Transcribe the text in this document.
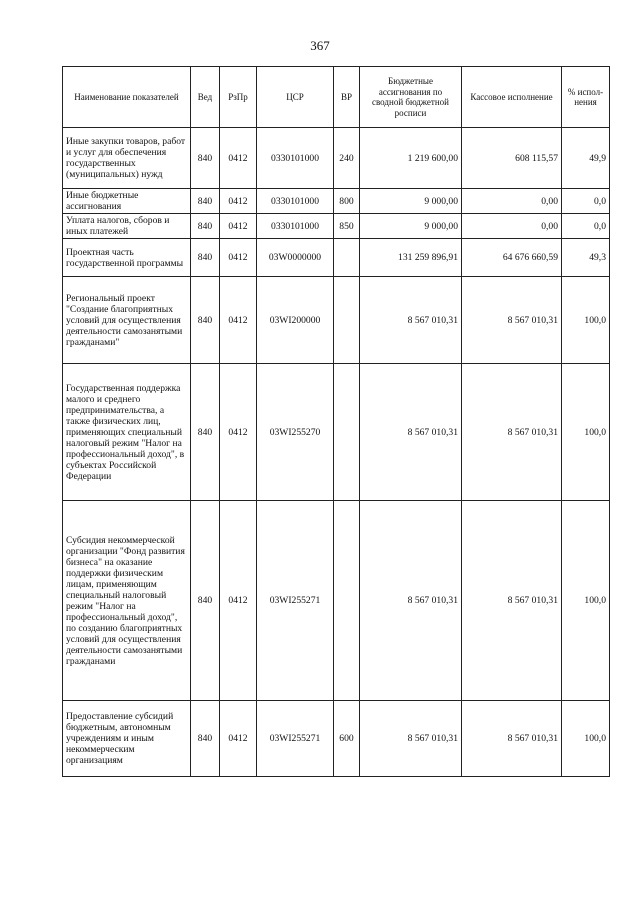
367
Наименование показателей	Вед	РзПр	ЦСР	ВР	Бюджетные ассигнования по сводной бюджетной росписи	Кассовое исполнение	% испол-нения
Иные закупки товаров, работ и услуг для обеспечения государственных (муниципальных) нужд	840	0412	0330101000	240	1 219 600,00	608 115,57	49,9
Иные бюджетные ассигнования	840	0412	0330101000	800	9 000,00	0,00	0,0
Уплата налогов, сборов и иных платежей	840	0412	0330101000	850	9 000,00	0,00	0,0
Проектная часть государственной программы	840	0412	03W0000000		131 259 896,91	64 676 660,59	49,3
Региональный проект "Создание благоприятных условий для осуществления деятельности самозанятыми гражданами"	840	0412	03WI200000		8 567 010,31	8 567 010,31	100,0
Государственная поддержка малого и среднего предпринимательства, а также физических лиц, применяющих специальный налоговый режим "Налог на профессиональный доход", в субъектах Российской Федерации	840	0412	03WI255270		8 567 010,31	8 567 010,31	100,0
Субсидия некоммерческой организации "Фонд развития бизнеса" на оказание поддержки физическим лицам, применяющим специальный налоговый режим "Налог на профессиональный доход", по созданию благоприятных условий для осуществления деятельности самозанятыми гражданами	840	0412	03WI255271		8 567 010,31	8 567 010,31	100,0
Предоставление субсидий бюджетным, автономным учреждениям и иным некоммерческим организациям	840	0412	03WI255271	600	8 567 010,31	8 567 010,31	100,0
